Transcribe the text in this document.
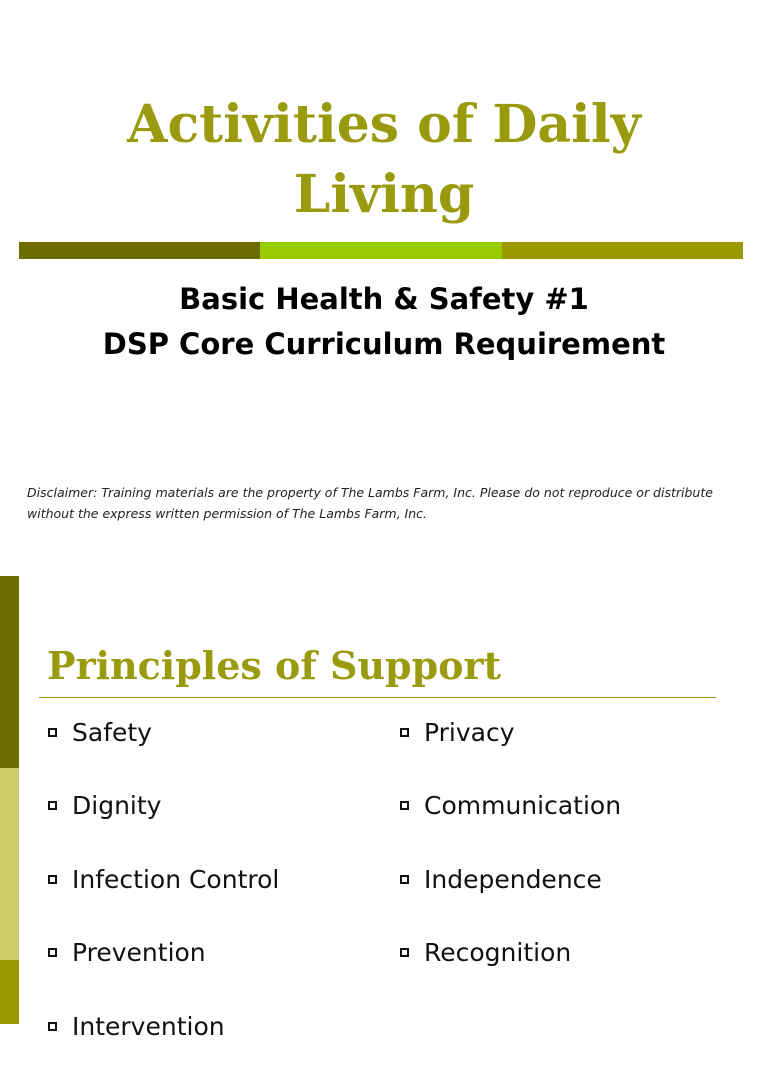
Activities of Daily
Living
Basic Health & Safety #1
DSP Core Curriculum Requirement

Disclaimer: Training materials are the property of The Lambs Farm, Inc. Please do not reproduce or distribute without the express written permission of The Lambs Farm, Inc.

Principles of Support
Safety
Dignity
Infection Control
Prevention
Intervention
Privacy
Communication
Independence
Recognition
